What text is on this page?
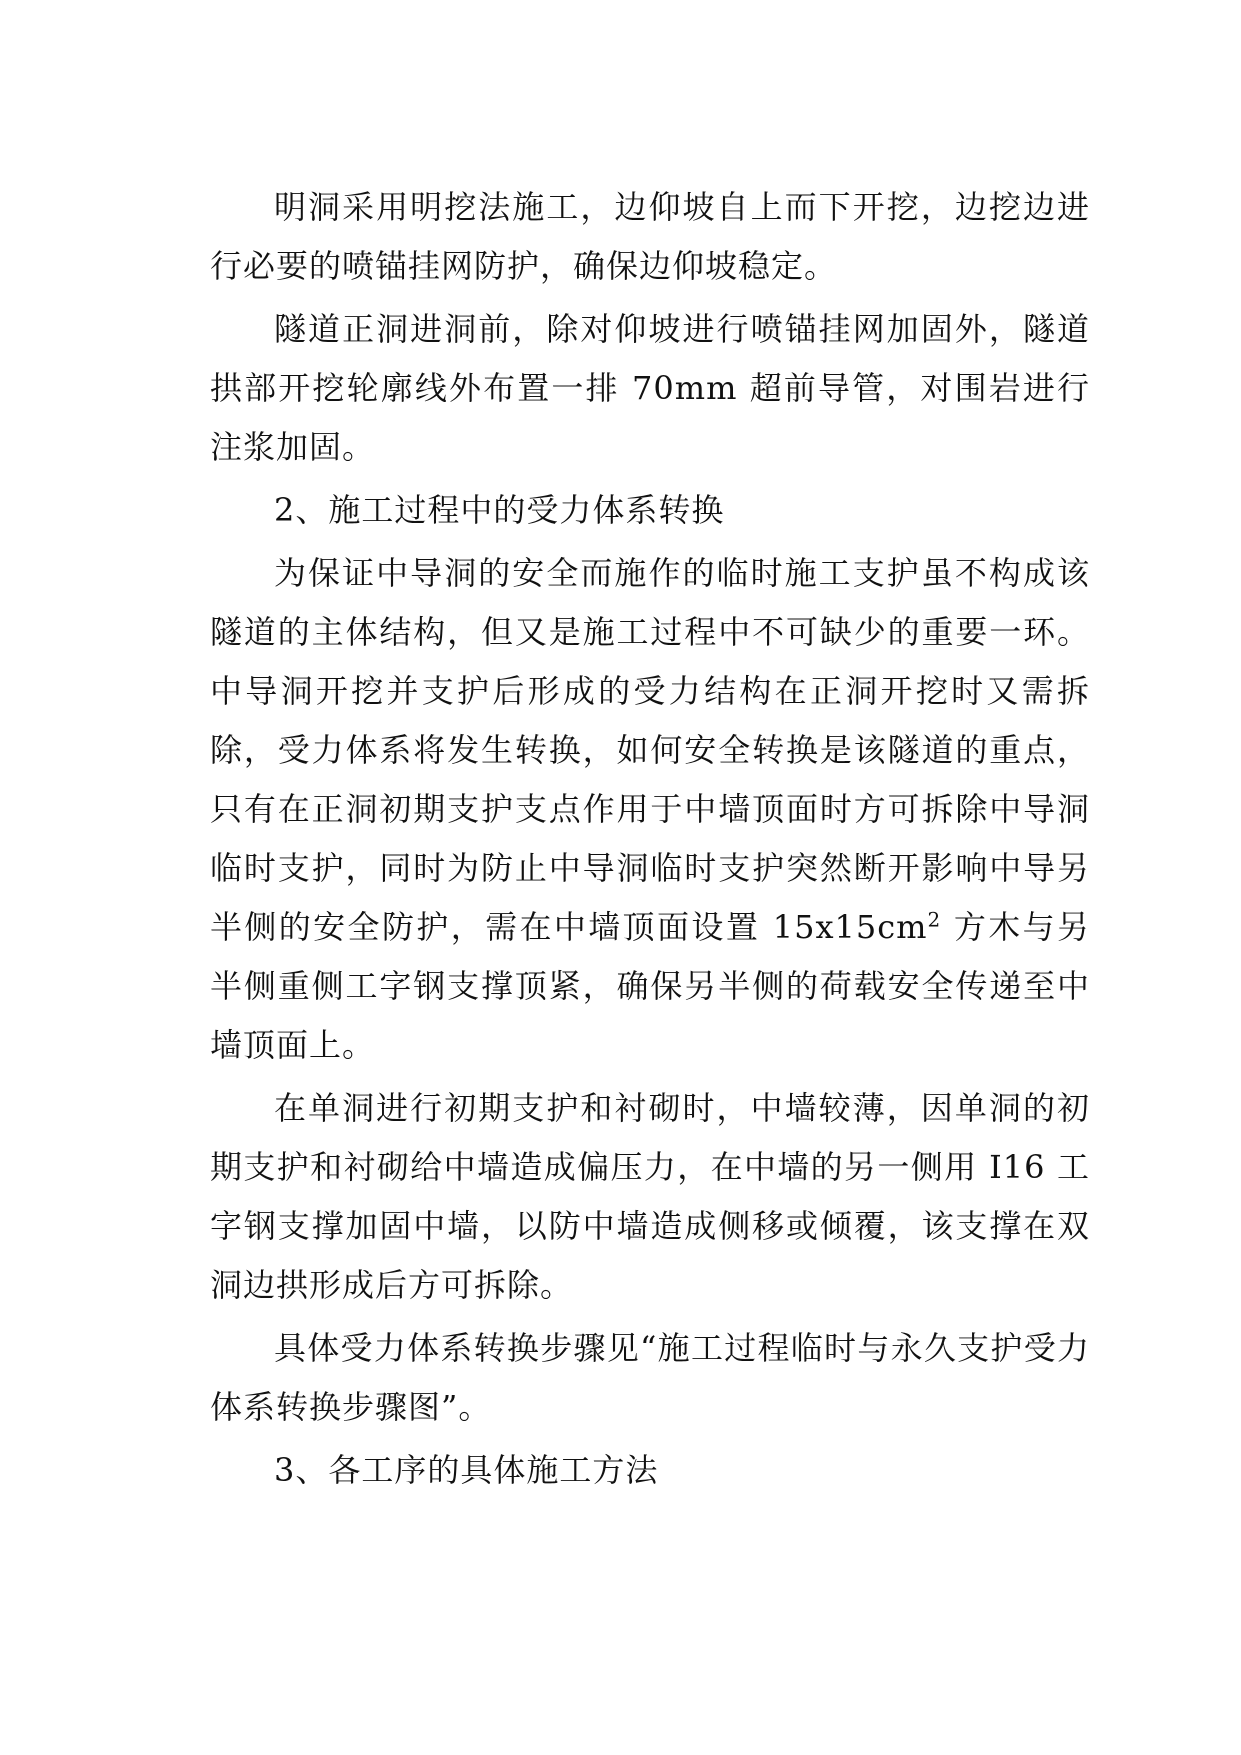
明洞采用明挖法施工，边仰坡自上而下开挖，边挖边进行必要的喷锚挂网防护，确保边仰坡稳定。

隧道正洞进洞前，除对仰坡进行喷锚挂网加固外，隧道拱部开挖轮廓线外布置一排 70mm 超前导管，对围岩进行注浆加固。

2、施工过程中的受力体系转换

为保证中导洞的安全而施作的临时施工支护虽不构成该隧道的主体结构，但又是施工过程中不可缺少的重要一环。中导洞开挖并支护后形成的受力结构在正洞开挖时又需拆除，受力体系将发生转换，如何安全转换是该隧道的重点，只有在正洞初期支护支点作用于中墙顶面时方可拆除中导洞临时支护，同时为防止中导洞临时支护突然断开影响中导另半侧的安全防护，需在中墙顶面设置 $15x15cm^2$ 方木与另半侧重侧工字钢支撑顶紧，确保另半侧的荷载安全传递至中墙顶面上。

在单洞进行初期支护和衬砌时，中墙较薄，因单洞的初期支护和衬砌给中墙造成偏压力，在中墙的另一侧用 I16 工字钢支撑加固中墙，以防中墙造成侧移或倾覆，该支撑在双洞边拱形成后方可拆除。

具体受力体系转换步骤见“施工过程临时与永久支护受力体系转换步骤图”。

3、各工序的具体施工方法
